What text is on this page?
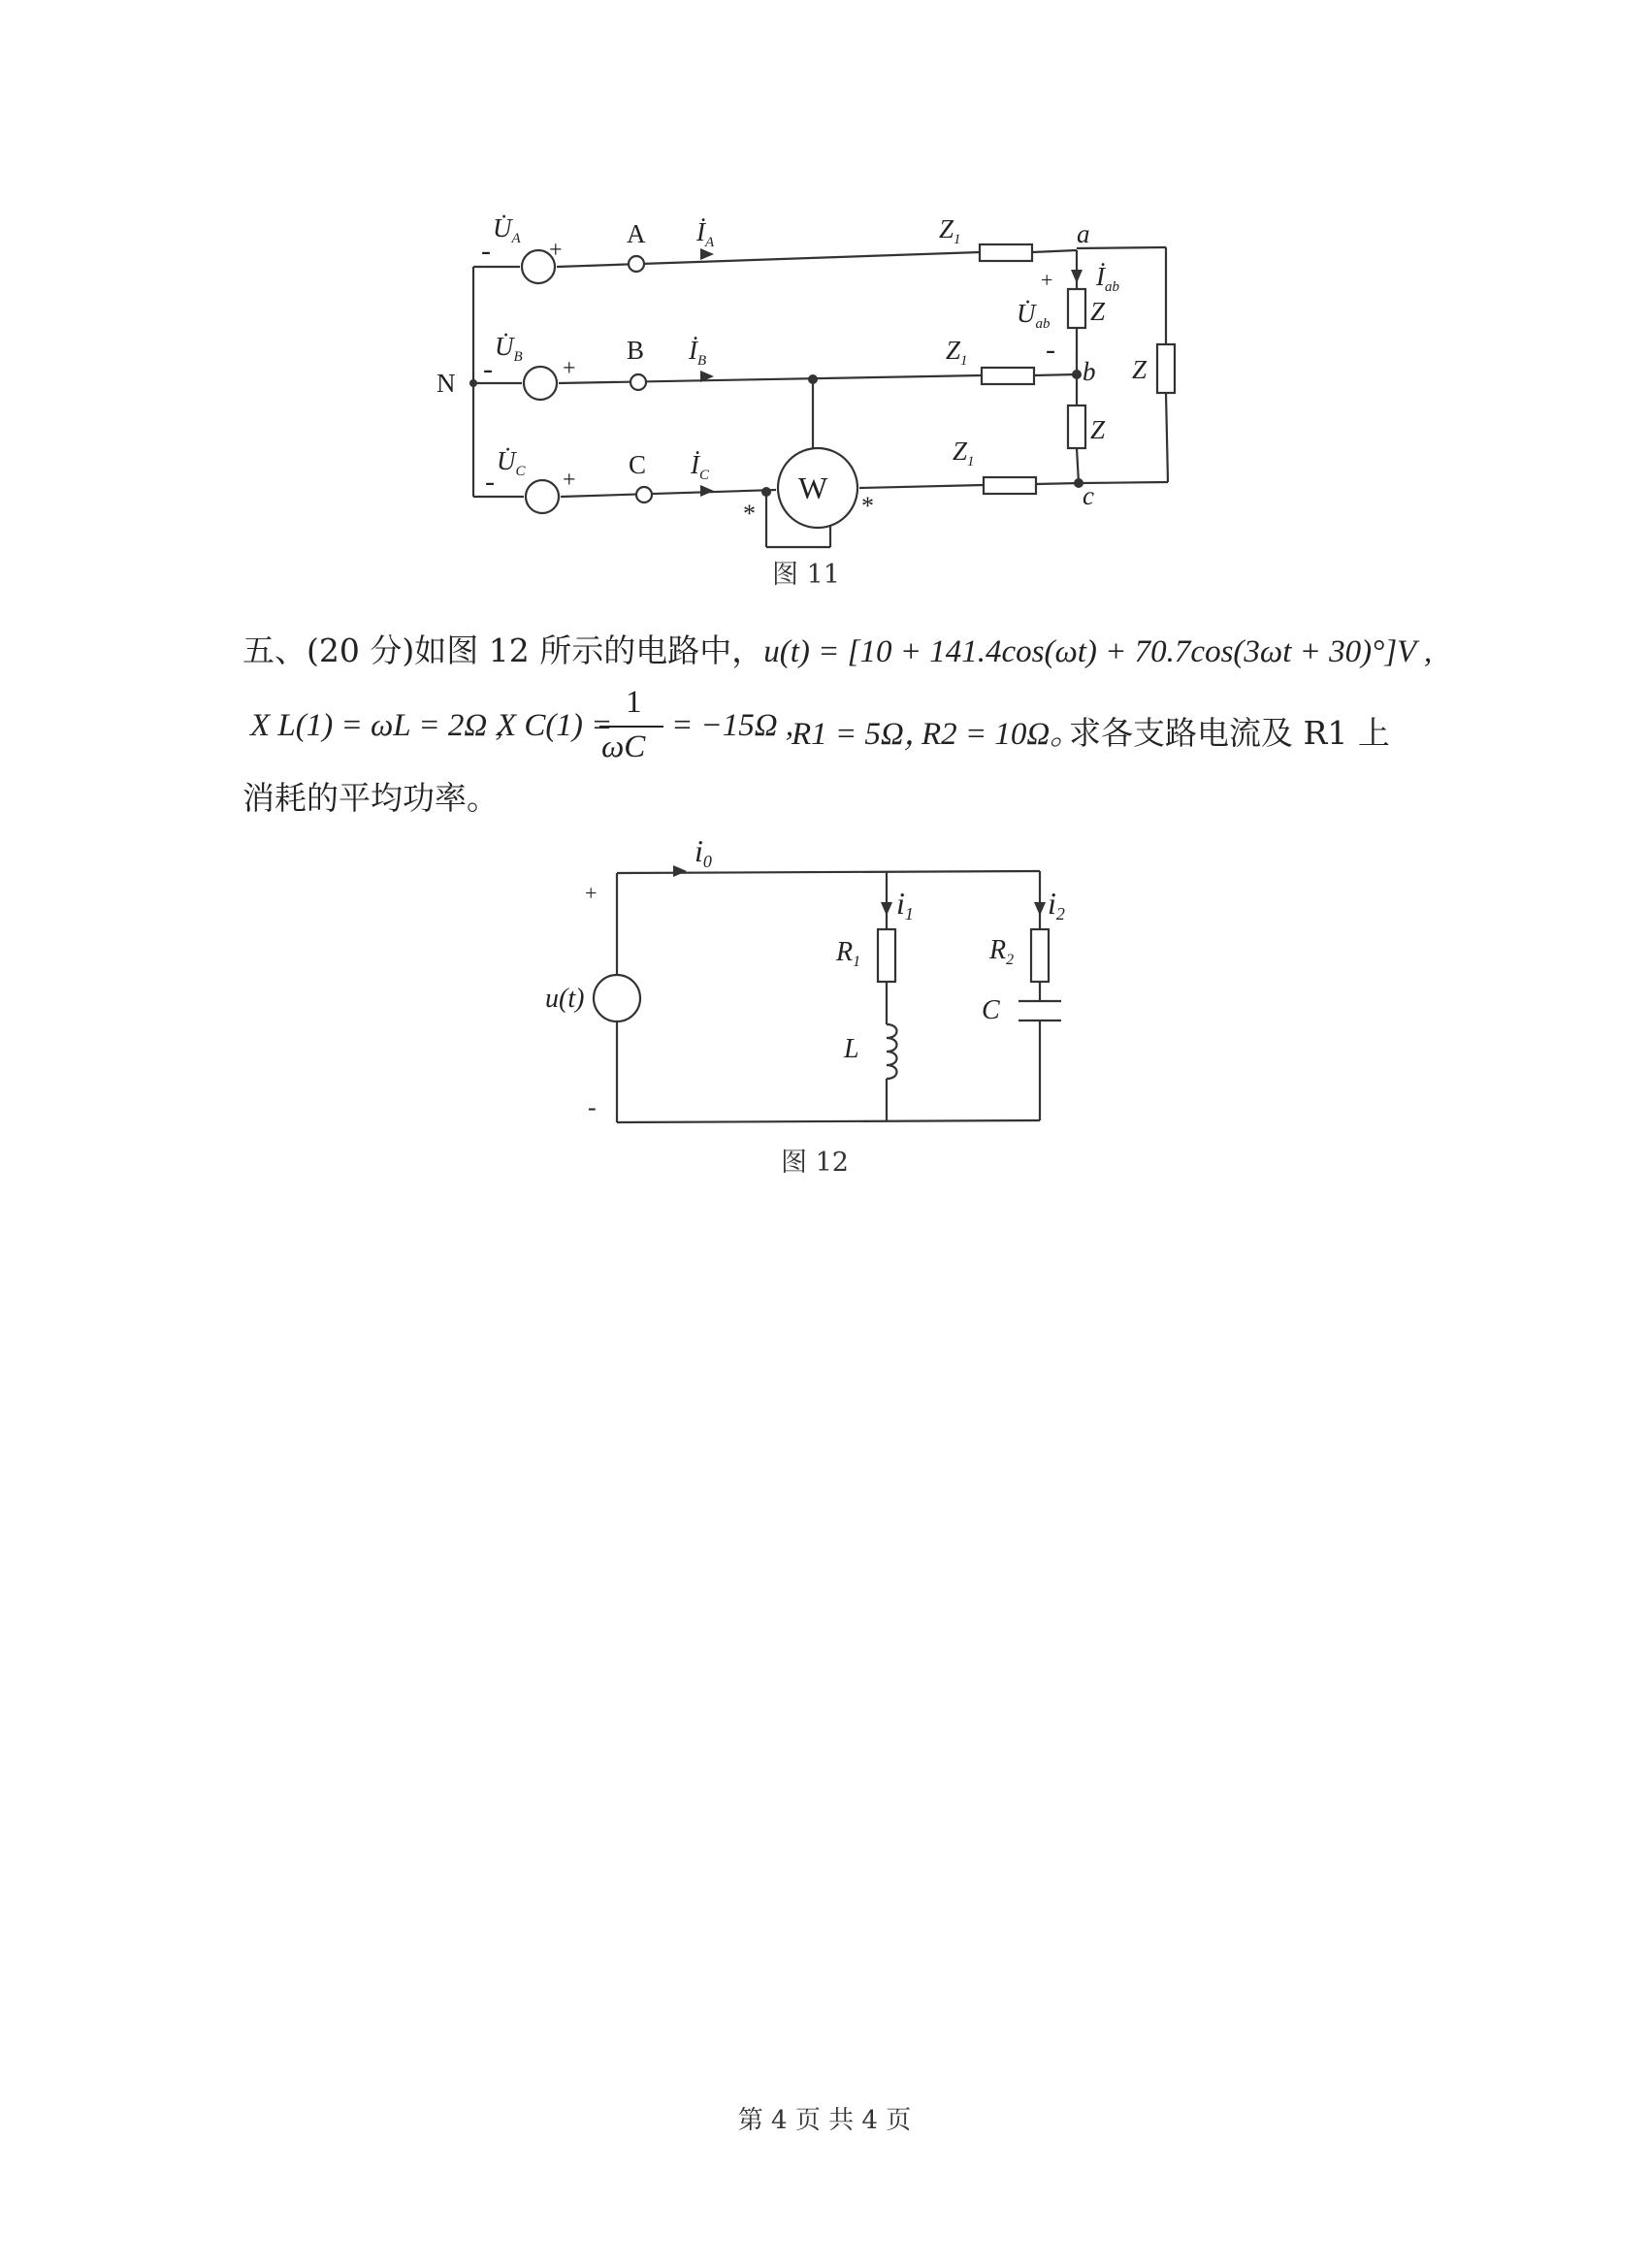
$U̇_A$
$U̇_B$
$U̇_C$
-	+
-	+
-	+
A
B
C
$İ_A$
$İ_B$
$İ_C$
N
$Z_1$
$Z_1$
$Z_1$
a
b
c
$İ_{ab}$
Z
Z
Z
+
$U̇_{ab}$
-
W
*	*
图 11
五、(20 分)如图 12 所示的电路中，u(t) = [10 + 141.4cos(ωt) + 70.7cos(3ωt + 30)°]V ,
X L(1) = ωL = 2Ω ,
X C(1) =
1
ωC
= −15Ω ,
R1 = 5Ω，
R2 = 10Ω。
求各支路电流及 R1 上
消耗的平均功率。
+
-
u(t)
i0
i1	i2
$R_1$	$R_2$
L
C
图 12
第 4 页 共 4 页
